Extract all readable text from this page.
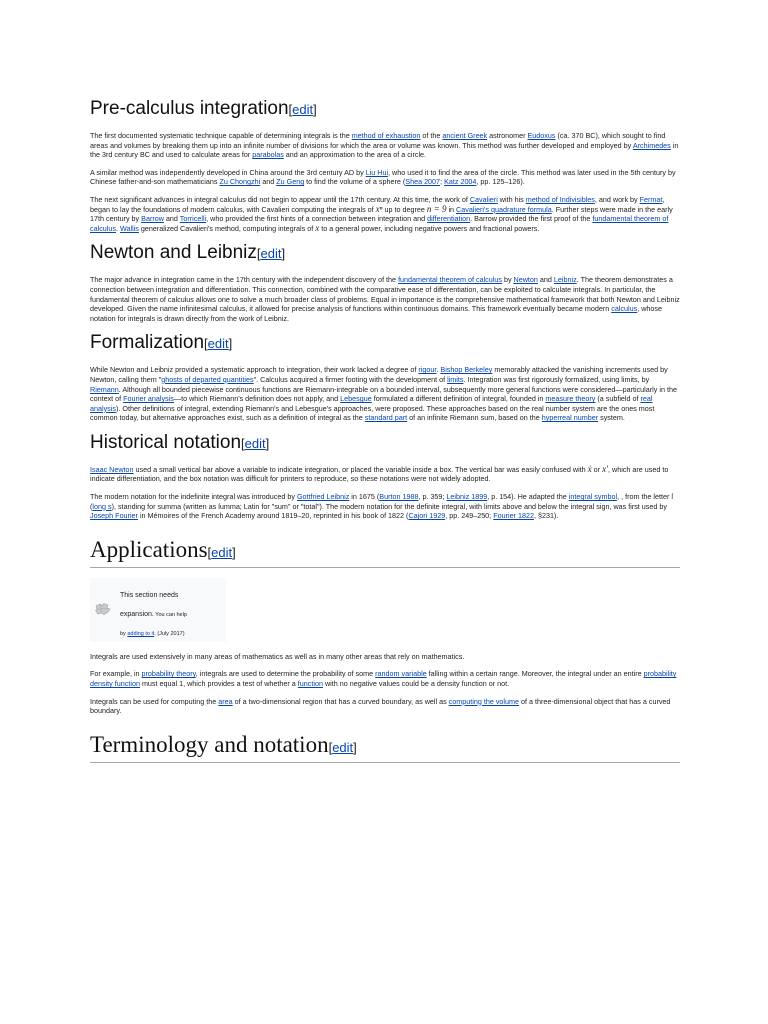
Pre-calculus integration[edit]

The first documented systematic technique capable of determining integrals is the method of exhaustion of the ancient Greek astronomer Eudoxus (ca. 370 BC), which sought to find areas and volumes by breaking them up into an infinite number of divisions for which the area or volume was known. This method was further developed and employed by Archimedes in the 3rd century BC and used to calculate areas for parabolas and an approximation to the area of a circle.

A similar method was independently developed in China around the 3rd century AD by Liu Hui, who used it to find the area of the circle. This method was later used in the 5th century by Chinese father-and-son mathematicians Zu Chongzhi and Zu Geng to find the volume of a sphere (Shea 2007; Katz 2004, pp. 125–126).

The next significant advances in integral calculus did not begin to appear until the 17th century. At this time, the work of Cavalieri with his method of Indivisibles, and work by Fermat, began to lay the foundations of modern calculus, with Cavalieri computing the integrals of xⁿ up to degree n = 9 in Cavalieri's quadrature formula. Further steps were made in the early 17th century by Barrow and Torricelli, who provided the first hints of a connection between integration and differentiation. Barrow provided the first proof of the fundamental theorem of calculus. Wallis generalized Cavalieri's method, computing integrals of x to a general power, including negative powers and fractional powers.

Newton and Leibniz[edit]

The major advance in integration came in the 17th century with the independent discovery of the fundamental theorem of calculus by Newton and Leibniz. The theorem demonstrates a connection between integration and differentiation. This connection, combined with the comparative ease of differentiation, can be exploited to calculate integrals. In particular, the fundamental theorem of calculus allows one to solve a much broader class of problems. Equal in importance is the comprehensive mathematical framework that both Newton and Leibniz developed. Given the name infinitesimal calculus, it allowed for precise analysis of functions within continuous domains. This framework eventually became modern calculus, whose notation for integrals is drawn directly from the work of Leibniz.

Formalization[edit]

While Newton and Leibniz provided a systematic approach to integration, their work lacked a degree of rigour. Bishop Berkeley memorably attacked the vanishing increments used by Newton, calling them "ghosts of departed quantities". Calculus acquired a firmer footing with the development of limits. Integration was first rigorously formalized, using limits, by Riemann. Although all bounded piecewise continuous functions are Riemann-integrable on a bounded interval, subsequently more general functions were considered—particularly in the context of Fourier analysis—to which Riemann's definition does not apply, and Lebesgue formulated a different definition of integral, founded in measure theory (a subfield of real analysis). Other definitions of integral, extending Riemann's and Lebesgue's approaches, were proposed. These approaches based on the real number system are the ones most common today, but alternative approaches exist, such as a definition of integral as the standard part of an infinite Riemann sum, based on the hyperreal number system.

Historical notation[edit]

Isaac Newton used a small vertical bar above a variable to indicate integration, or placed the variable inside a box. The vertical bar was easily confused with ẋ or x′, which are used to indicate differentiation, and the box notation was difficult for printers to reproduce, so these notations were not widely adopted.

The modern notation for the indefinite integral was introduced by Gottfried Leibniz in 1675 (Burton 1988, p. 359; Leibniz 1899, p. 154). He adapted the integral symbol, , from the letter ſ (long s), standing for summa (written as ſumma; Latin for "sum" or "total"). The modern notation for the definite integral, with limits above and below the integral sign, was first used by Joseph Fourier in Mémoires of the French Academy around 1819–20, reprinted in his book of 1822 (Cajori 1929, pp. 249–250; Fourier 1822, §231).

Applications[edit]
This section needs
expansion. You can help
by adding to it. (July 2017)

Integrals are used extensively in many areas of mathematics as well as in many other areas that rely on mathematics.

For example, in probability theory, integrals are used to determine the probability of some random variable falling within a certain range. Moreover, the integral under an entire probability density function must equal 1, which provides a test of whether a function with no negative values could be a density function or not.

Integrals can be used for computing the area of a two-dimensional region that has a curved boundary, as well as computing the volume of a three-dimensional object that has a curved boundary.

Terminology and notation[edit]
